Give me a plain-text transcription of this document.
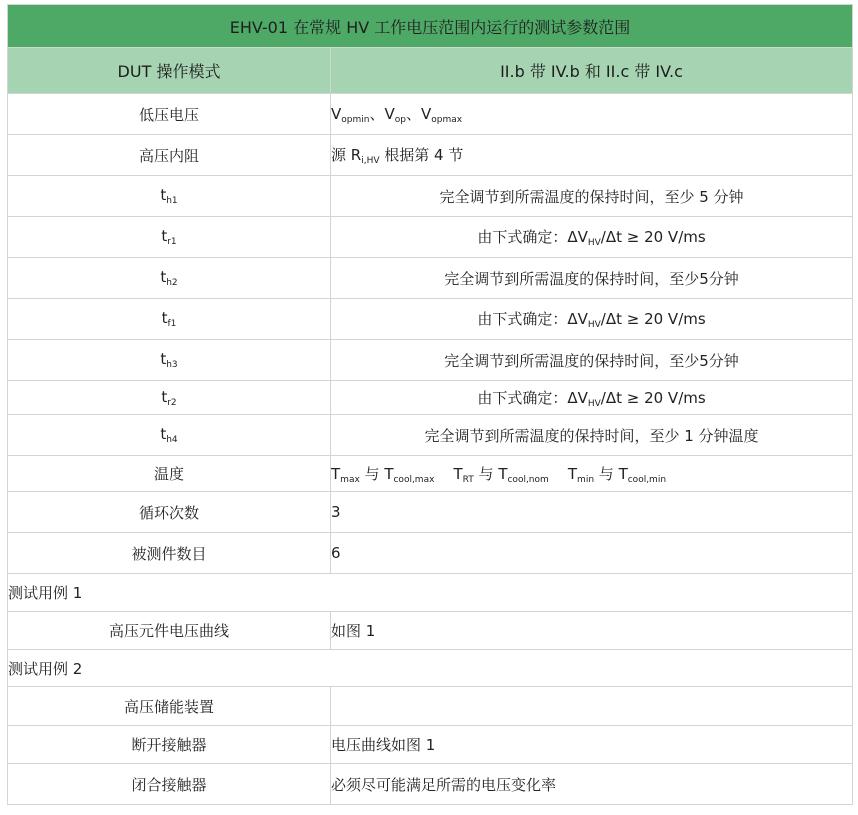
EHV-01 在常规 HV 工作电压范围内运行的测试参数范围	
DUT 操作模式	II.b 带 IV.b 和 II.c 带 IV.c
低压电压	$V_{opmin}$、$V_{op}$、$V_{opmax}$
高压内阻	源 $R_{i,HV}$ 根据第 4 节
$t_{h1}$	完全调节到所需温度的保持时间，至少 5 分钟
$t_{r1}$	由下式确定：$\Delta V_{HV}/\Delta t \ge 20$ V/ms
$t_{h2}$	完全调节到所需温度的保持时间，至少5分钟
$t_{f1}$	由下式确定：$\Delta V_{HV}/\Delta t \ge 20$ V/ms
$t_{h3}$	完全调节到所需温度的保持时间，至少5分钟
$t_{r2}$	由下式确定：$\Delta V_{HV}/\Delta t \ge 20$ V/ms
$t_{h4}$	完全调节到所需温度的保持时间，至少 1 分钟温度
温度	$T_{max}$ 与 $T_{cool,max}$ $T_{RT}$ 与 $T_{cool,nom}$ $T_{min}$ 与 $T_{cool,min}$
循环次数	3
被测件数目	6
测试用例 1	
高压元件电压曲线	如图 1
测试用例 2	
高压储能装置	
断开接触器	电压曲线如图 1
闭合接触器	必须尽可能满足所需的电压变化率
